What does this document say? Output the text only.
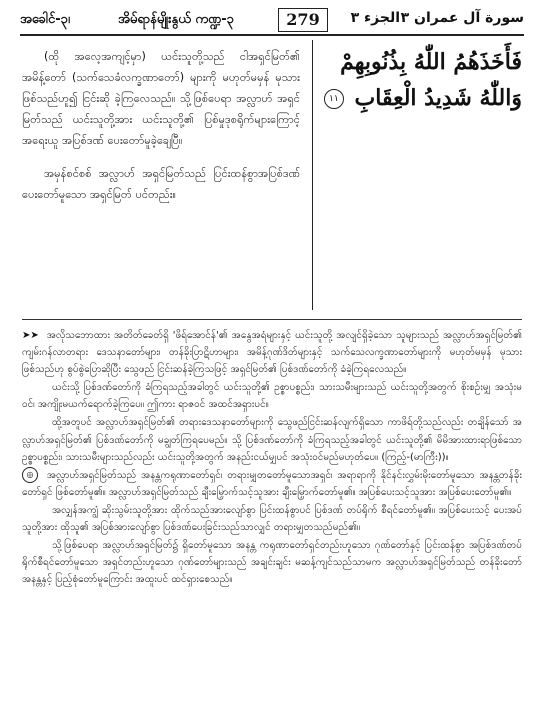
အခေါင်-၃၊	အိမ်ရာန်မျိုးနွယ် ကဏ္ဍ-၃	279	الجزء ٣ سورة آل عمران ٣

(ထို အလေ့အကျင့်မှာ) ယင်းသူတို့သည် ငါအရှင်မြတ်၏ အမိန့်တော် (သက်သေခံလက္ခဏာတော်) များကို မဟုတ်မမှန် မုသားဖြစ်သည်ဟူ၍ ငြင်းဆို ခဲ့ကြလေသည်။ သို့ဖြစ်ပေရာ အလ္လာဟ် အရှင်မြတ်သည် ယင်းသူတို့အား ယင်းသူတို့၏ ပြစ်မှုဒုစရိုက်များကြောင့် အရေးယူ အပြစ်ဒဏ် ပေးတော်မူခဲ့ချေပြီ။

အမှန်စင်စစ် အလ္လာဟ် အရှင်မြတ်သည် ပြင်းထန်စွာအပြစ်ဒဏ်ပေးတော်မူသော အရှင်မြတ် ပင်တည်း။

فَأَخَذَهُمُ اللّٰهُ بِذُنُوبِهِمْ
وَاللّٰهُ شَدِيدُ الْعِقَابِ ١١

➤➤ အလိုသဘောထား အတိတ်ခေတ်ရှိ 'ဖိရ်အောင်န်'၏ အနွေအရံများနှင့် ယင်းသူတို့ အလျင်ရှိခဲ့သော သူများသည် အလ္လာဟ်အရှင်မြတ်၏ ကျမ်းဂန်လာတရား ဒေသနာတော်များ၊ တန်ခိုးပြာဋိဟာများ၊ အမိန့်ဂုဏ်ဒိတ်များနှင့် သက်သေလက္ခဏာတော်များကို မဟုတ်မမှန် မုသားဖြစ်သည်ဟု စွပ်စွဲပြောဆိုပြီး သွေဖည် ငြင်းဆန်ခဲ့ကြသဖြင့် အရှင်မြတ်၏ ပြစ်ဒဏ်တော်ကို ခံခဲ့ကြရလေသည်။

ယင်းသို့ ပြစ်ဒဏ်တော်ကို ခံကြရသည့်အခါတွင် ယင်းသူတို့၏ ဥစ္စာပစ္စည်း၊ သားသမီးများသည် ယင်းသူတို့အတွက် စိုးစဉ်းမျှ အသုံးမဝင်၊ အကျိုးမယက်ရောက်ခဲ့ကြပေ။ ဤကား ရာဇဝင် အထင်အရှားပင်။

ထို့အတူပင် အလ္လာဟ်အရှင်မြတ်၏ တရားဒေသနာတော်များကို သွေဖည်ငြင်းဆန်လျက်ရှိသော ကာဖိရ်တို့သည်လည်း တချိန်သော် အလ္လာဟ်အရှင်မြတ်၏ ပြစ်ဒဏ်တော်ကို မချွတ်ကြရပေမည်။ သို့ ပြစ်ဒဏ်တော်ကို ခံကြရသည့်အခါတွင် ယင်းသူတို့၏ မိမိအားထားရာဖြစ်သော ဥစ္စာပစ္စည်း၊ သားသမီးများသည်လည်း ယင်းသူတို့အတွက် အနည်းငယ်မျှပင် အသုံးဝင်မည်မဟုတ်ပေ။ (ကြည့်-(မာကြီး))။

◎ အလ္လာဟ်အရှင်မြတ်သည် အနန္တကရုဏာတော်ရှင်၊ တရားမျှတတော်မူသောအရှင်၊ အရာရာကို နိုင်နင်းလွှမ်းမိုးတော်မူသော အနန္တတန်ခိုးတော်ရှင် ဖြစ်တော်မူ၏။ အလ္လာဟ်အရှင်မြတ်သည် ချီးမြှောက်သင့်သူအား ချီးမြှောက်တော်မူ၏။ အပြစ်ပေးသင့်သူအား အပြစ်ပေးတော်မူ၏။

အလျှန်အကျွံ ဆိုးသွမ်းသူတို့အား ထိုက်သည်အားလျော်စွာ ပြင်းထန်စွာပင် ပြစ်ဒဏ် တပ်ရိုက် စီရင်တော်မူ၏။ အပြစ်ပေးသင့် ပေးအပ်သူတို့အား ထိုသူ၏ အပြစ်အားလျော်စွာ ပြစ်ဒဏ်ပေးခြင်းသည်သာလျှင် တရားမျှတသည်မည်၏။

သို့ဖြစ်ပေရာ အလ္လာဟ်အရှင်မြတ်၌ ရှိတော်မူသော အနန္တ ကရုဏာတော်ရှင်တည်းဟူသော ဂုဏ်တော်နှင့် ပြင်းထန်စွာ အပြစ်ဒဏ်တပ်ရိုက်စီရင်တော်မူသော အရှင်တည်းဟူသော ဂုဏ်တော်များသည် အချင်းချင်း မဆန့်ကျင်သည်သာမက အလ္လာဟ်အရှင်မြတ်သည် တန်ခိုးတော်အနန္တနှင့် ပြည့်စုံတော်မူကြောင်း အထူးပင် ထင်ရှားစေသည်။
